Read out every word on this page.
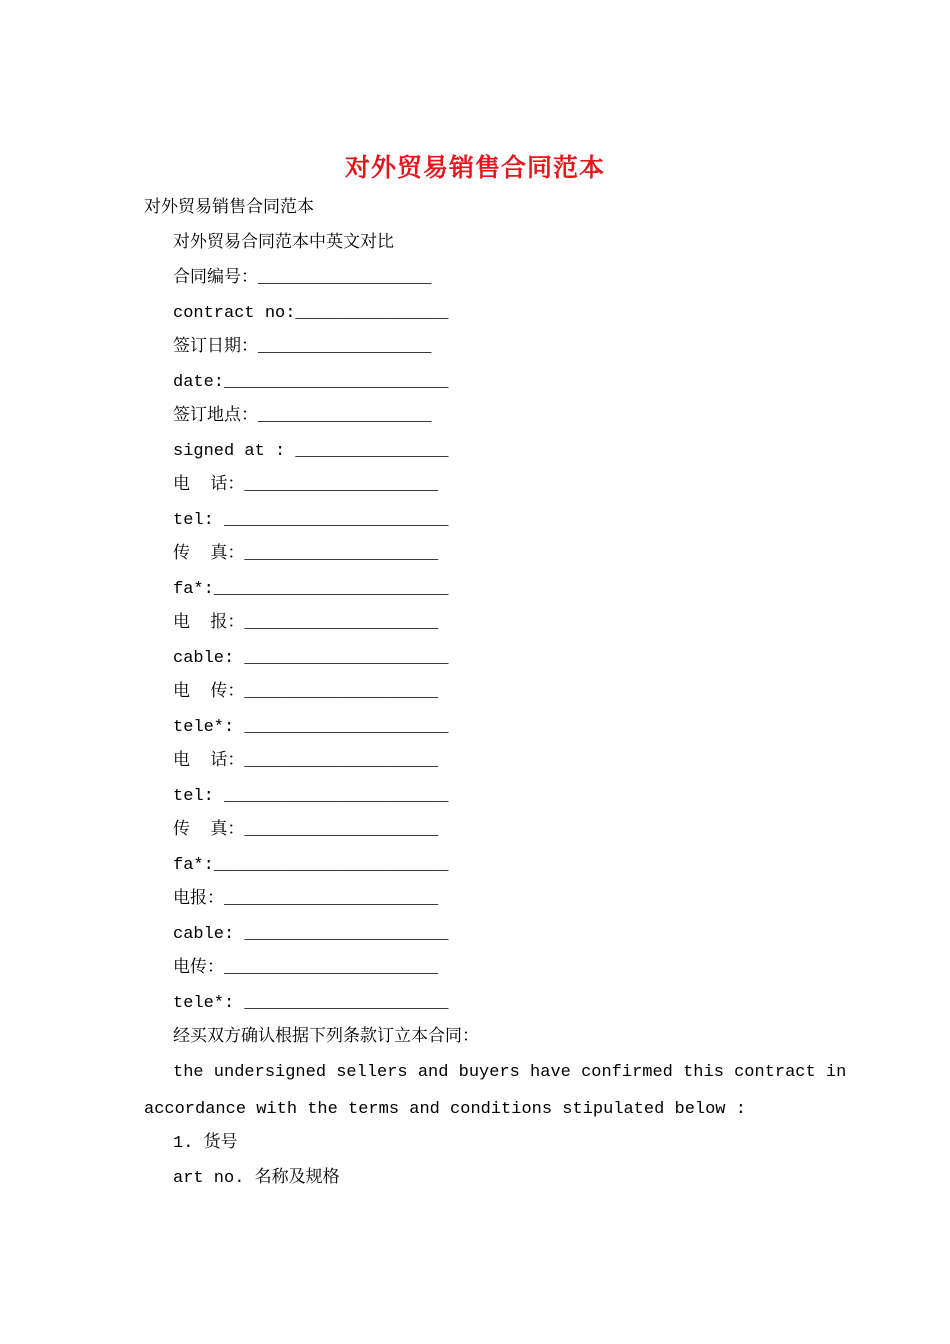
对外贸易销售合同范本
对外贸易销售合同范本
对外贸易合同范本中英文对比
合同编号：_________________
contract no:_______________
签订日期：_________________
date:______________________
签订地点：_________________
signed at : _______________
电  话：___________________
tel: ______________________
传  真：___________________
fa*:_______________________
电  报：___________________
cable: ____________________
电  传：___________________
tele*: ____________________
电  话：___________________
tel: ______________________
传  真：___________________
fa*:_______________________
电报：_____________________
cable: ____________________
电传：_____________________
tele*: ____________________
经买双方确认根据下列条款订立本合同：
the undersigned sellers and buyers have confirmed this contract in
accordance with the terms and conditions stipulated below :
1. 货号
art no. 名称及规格
